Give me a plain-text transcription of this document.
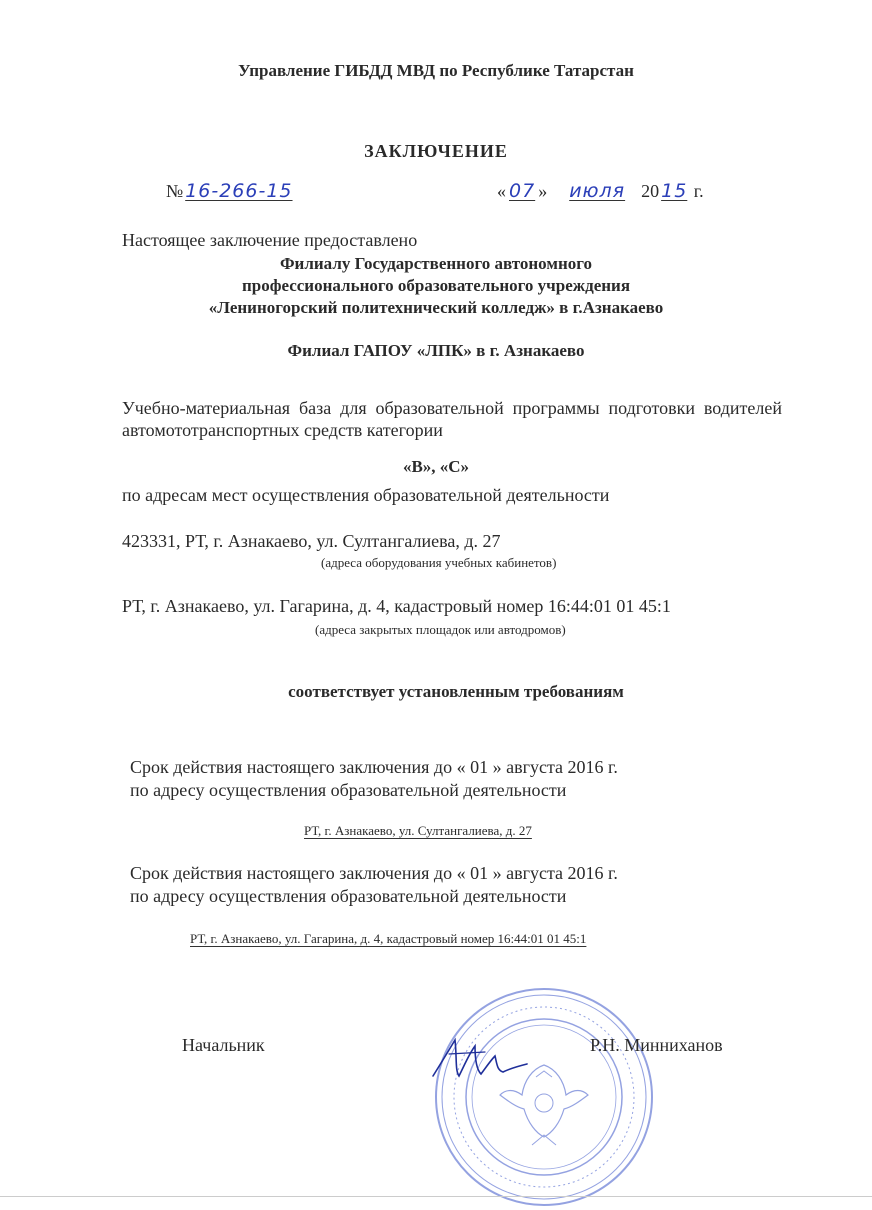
Управление ГИБДД МВД по Республике Татарстан
ЗАКЛЮЧЕНИЕ
№ 16-266-15	« 07 » июля 20 15 г.
Настоящее заключение предоставлено
Филиалу Государственного автономного
профессионального образовательного учреждения
«Лениногорский политехнический колледж» в г.Азнакаево
Филиал ГАПОУ «ЛПК» в г. Азнакаево
Учебно-материальная база для образовательной программы подготовки водителей автомототранспортных средств категории
«В», «С»
по адресам мест осуществления образовательной деятельности
423331, РТ, г. Азнакаево, ул. Султангалиева, д. 27
(адреса оборудования учебных кабинетов)
РТ, г. Азнакаево, ул. Гагарина, д. 4, кадастровый номер 16:44:01 01 45:1
(адреса закрытых площадок или автодромов)
соответствует установленным требованиям
Срок действия настоящего заключения до « 01 » августа 2016 г.
по адресу осуществления образовательной деятельности
РТ, г. Азнакаево, ул. Султангалиева, д. 27
Срок действия настоящего заключения до « 01 » августа 2016 г.
по адресу осуществления образовательной деятельности
РТ, г. Азнакаево, ул. Гагарина, д. 4, кадастровый номер 16:44:01 01 45:1
Начальник	Р.Н. Минниханов
